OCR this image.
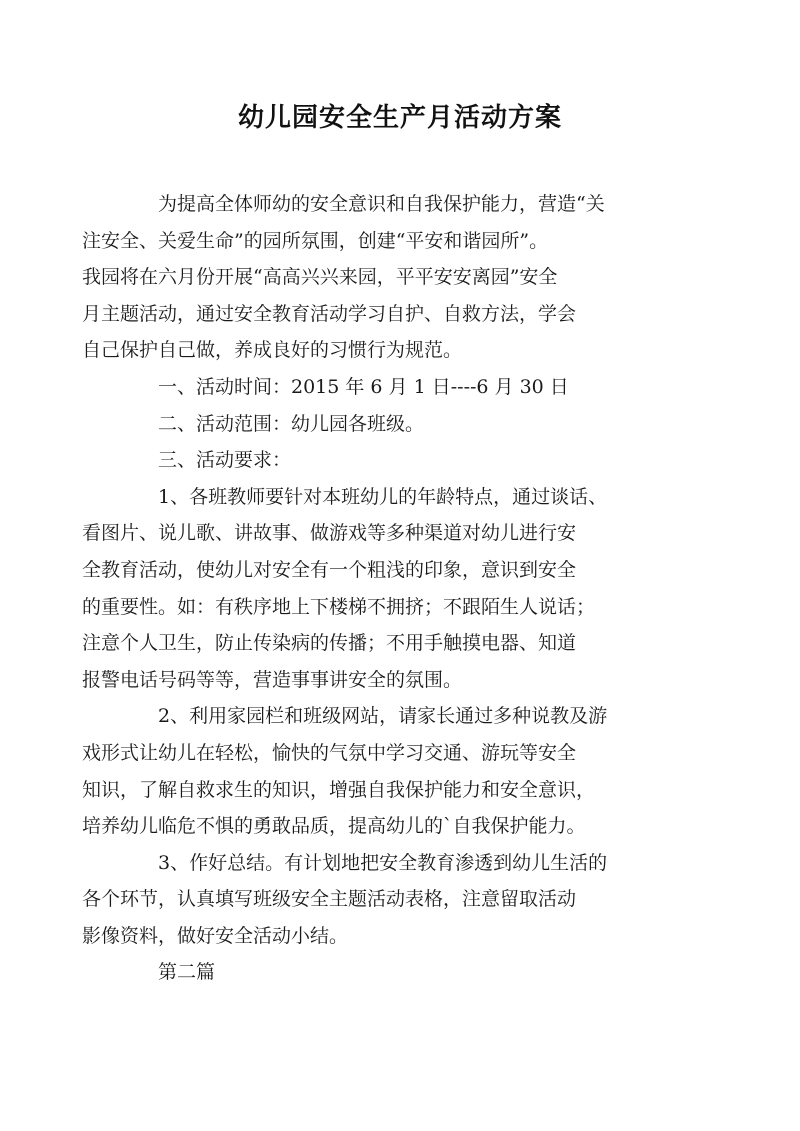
幼儿园安全生产月活动方案

为提高全体师幼的安全意识和自我保护能力，营造“关
注安全、关爱生命”的园所氛围，创建“平安和谐园所”。
我园将在六月份开展“高高兴兴来园，平平安安离园”安全
月主题活动，通过安全教育活动学习自护、自救方法，学会
自己保护自己做，养成良好的习惯行为规范。

一、活动时间：2015 年 6 月 1 日----6 月 30 日

二、活动范围：幼儿园各班级。

三、活动要求：

1、各班教师要针对本班幼儿的年龄特点，通过谈话、
看图片、说儿歌、讲故事、做游戏等多种渠道对幼儿进行安
全教育活动，使幼儿对安全有一个粗浅的印象，意识到安全
的重要性。如：有秩序地上下楼梯不拥挤；不跟陌生人说话；
注意个人卫生，防止传染病的传播；不用手触摸电器、知道
报警电话号码等等，营造事事讲安全的氛围。

2、利用家园栏和班级网站，请家长通过多种说教及游
戏形式让幼儿在轻松，愉快的气氛中学习交通、游玩等安全
知识，了解自救求生的知识，增强自我保护能力和安全意识，
培养幼儿临危不惧的勇敢品质，提高幼儿的`自我保护能力。

3、作好总结。有计划地把安全教育渗透到幼儿生活的
各个环节，认真填写班级安全主题活动表格，注意留取活动
影像资料，做好安全活动小结。

第二篇
